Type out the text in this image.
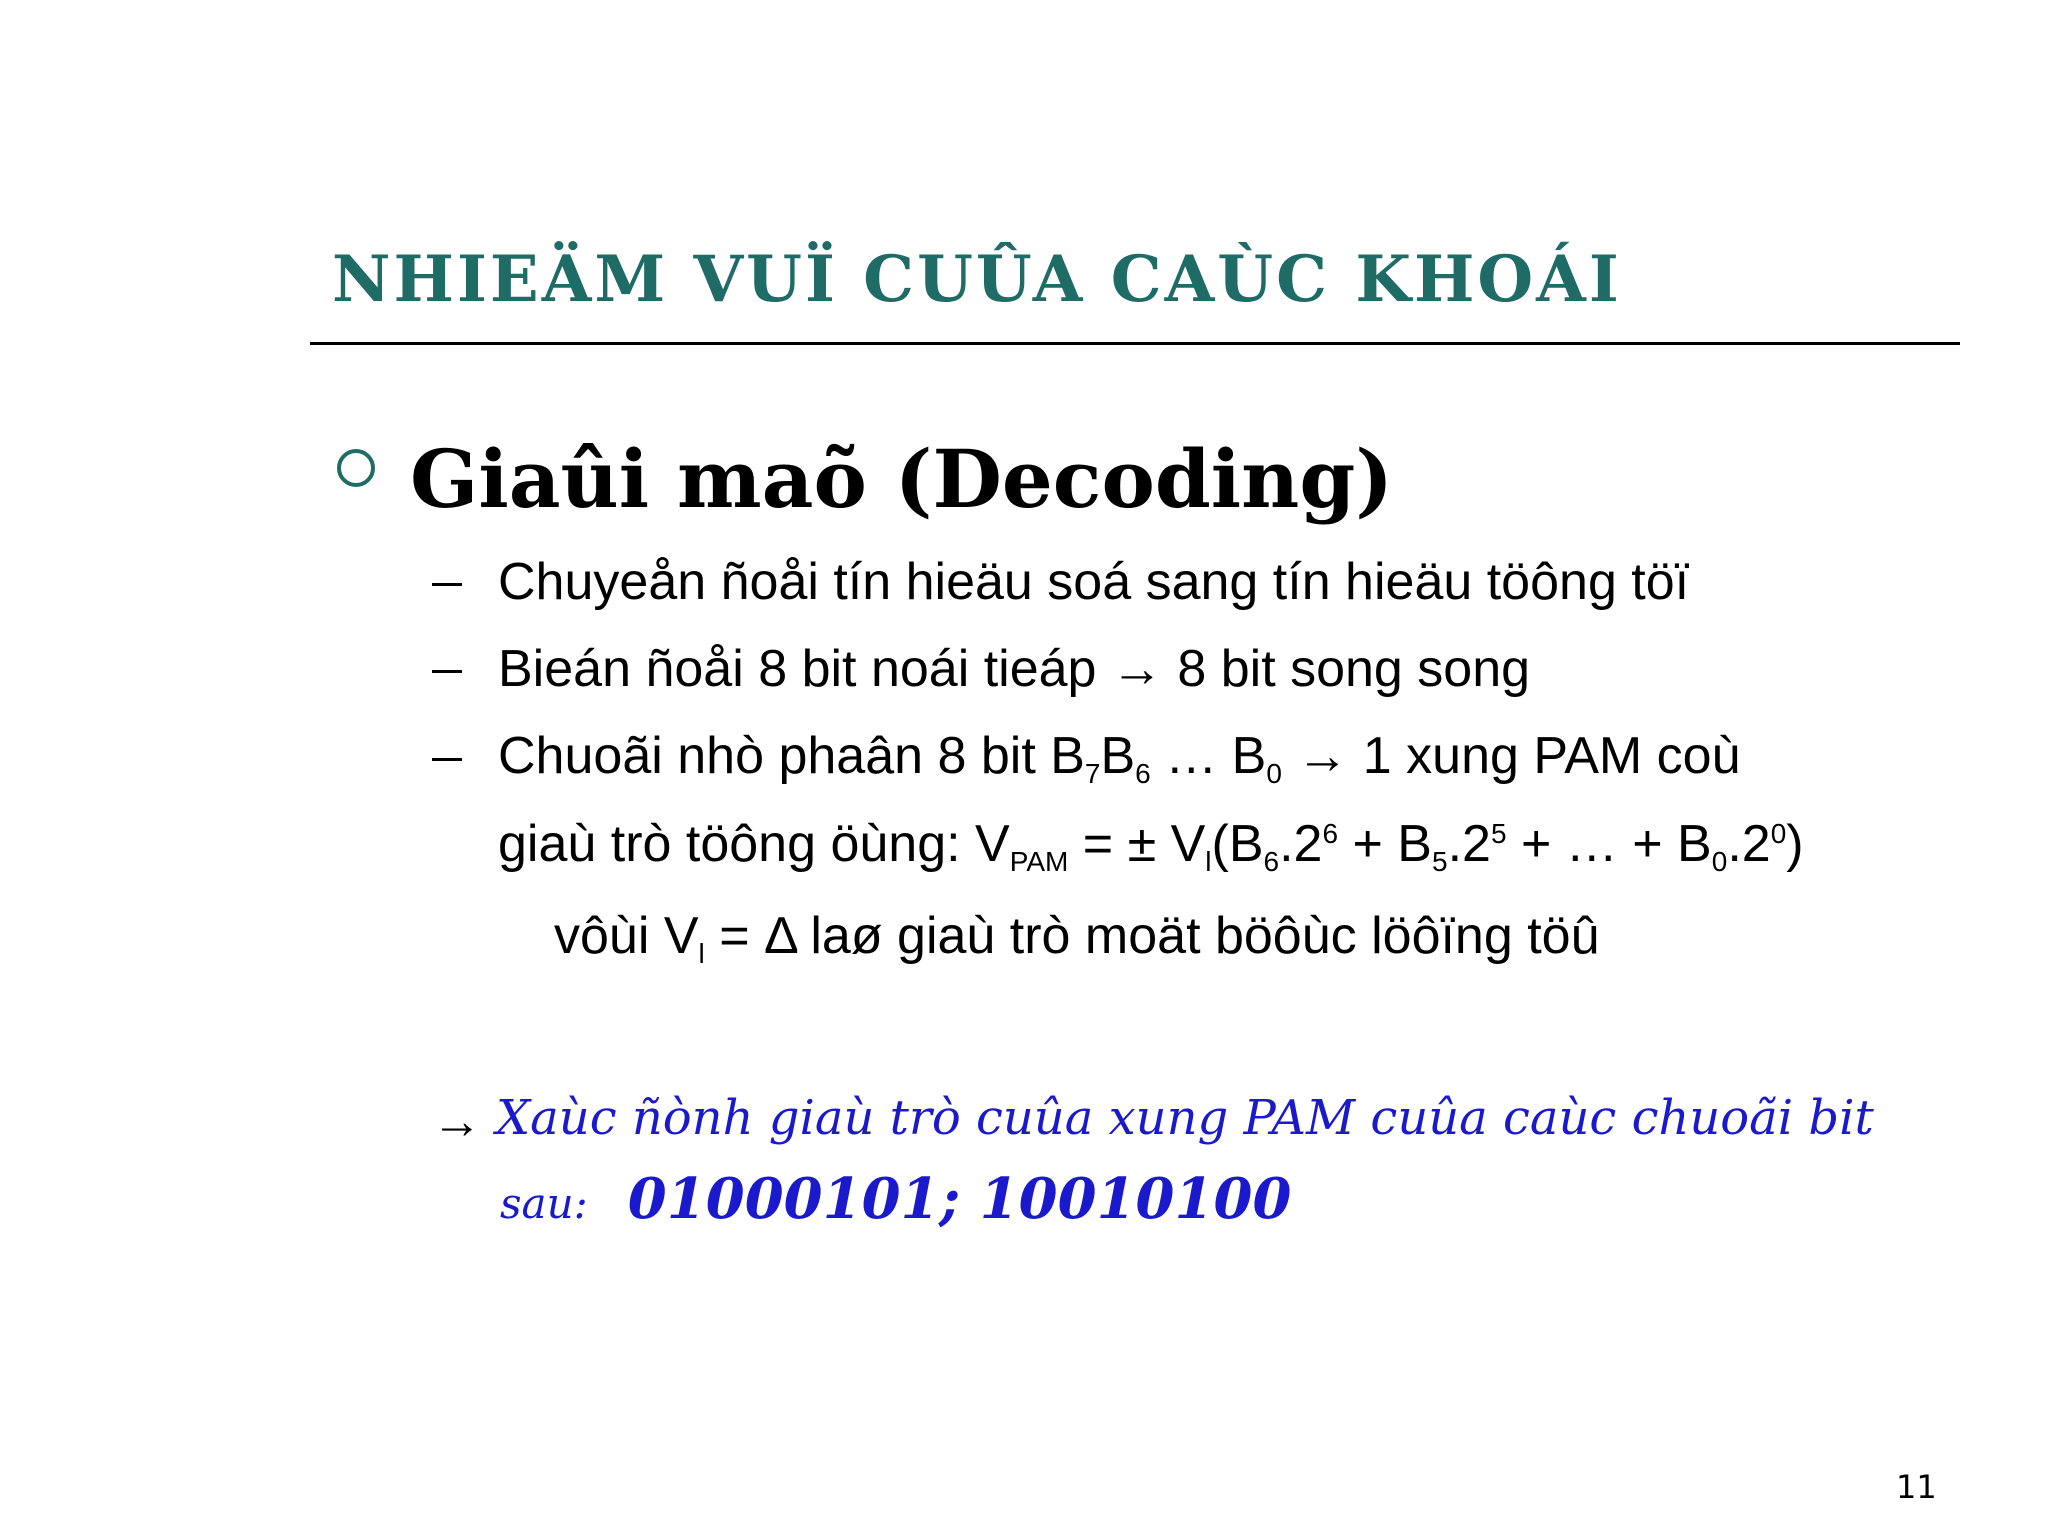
NHIEÄM VUÏ CUÛA CAÙC KHOÁI
Giaûi maõ (Decoding)
Chuyeån ñoåi tín hieäu soá sang tín hieäu töông töï
Bieán ñoåi 8 bit noái tieáp → 8 bit song song
Chuoãi nhò phaân 8 bit $B_7B_6$ … $B_0 \to 1$ xung PAM coù
giaù trò töông öùng: $V_{PAM}$ = ± $V_l(B_6.2^6 + B_5.2^5$ + … + $B_0.2^0$)
vôùi $V_l = \Delta$ laø giaù trò moät böôùc löôïng töû
→ Xaùc ñònh giaù trò cuûa xung PAM cuûa caùc chuoãi bit
sau: 01000101; 10010100
11
